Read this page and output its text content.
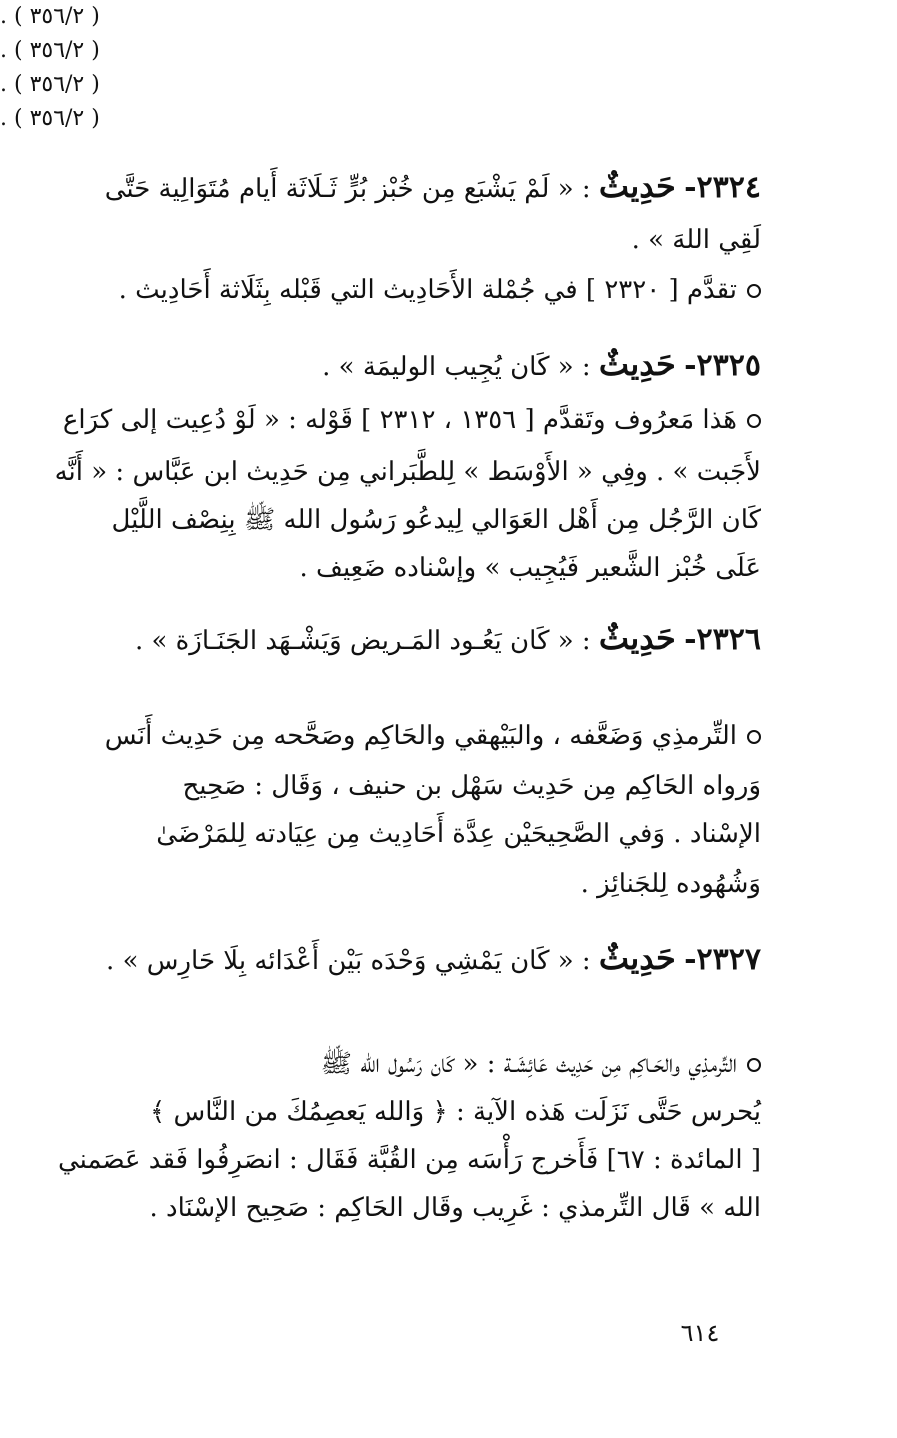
٢٣٢٤- حَدِيثٌ : « لَمْ يَشْبَع مِن خُبْز بُرٍّ ثَـلَاثَة أَيام مُتَوَالِية حَتَّى
لَقِي اللهَ » .
. ( ٣٥٦/٢ )
تقدَّم [ ٢٣٢٠ ] في جُمْلة الأَحَادِيث التي قَبْله بِثَلَاثة أَحَادِيث .
٢٣٢٥- حَدِيثٌ : « كَان يُجِيب الوليمَة » .
. ( ٣٥٦/٢ )
هَذا مَعرُوف وتَقدَّم [ ١٣٥٦ ، ٢٣١٢ ] قَوْله : « لَوْ دُعِيت إلى كرَاع
لأَجَبت » . وفِي « الأَوْسَط » لِلطَّبَراني مِن حَدِيث ابن عَبَّاس : « أَنَّه
كَان الرَّجُل مِن أَهْل العَوَالي لِيدعُو رَسُول الله ﷺ بِنِصْف اللَّيْل
عَلَى خُبْز الشَّعير فَيُجِيب » وإسْناده ضَعِيف .
٢٣٢٦- حَدِيثٌ : « كَان يَعُـود المَـريض وَيَشْـهَد الجَنَـازَة » .
. ( ٣٥٦/٢ )
التِّرمذِي وَضَعَّفه ، والبَيْهقي والحَاكِم وصَحَّحه مِن حَدِيث أَنَس
وَرواه الحَاكِم مِن حَدِيث سَهْل بن حنيف ، وَقَال : صَحِيح
الإسْناد . وَفي الصَّحِيحَيْن عِدَّة أَحَادِيث مِن عِيَادته لِلمَرْضَىٰ
وَشُهُوده لِلجَنائِز .
٢٣٢٧- حَدِيثٌ : « كَان يَمْشِي وَحْدَه بَيْن أَعْدَائه بِلَا حَارِس » .
. ( ٣٥٦/٢ )
التِّرمذِي والحَـاكِم مِن حَدِيث عَائِشَـة : « كَان رَسُول الله ﷺ
يُحرس حَتَّى نَزَلَت هَذه الآية : ﴿ وَالله يَعصِمُكَ من النَّاس ﴾
[ المائدة : ٦٧] فَأَخرج رَأْسَه مِن القُبَّة فَقَال : انصَرِفُوا فَقد عَصَمني
الله » قَال التِّرمذي : غَرِيب وقَال الحَاكِم : صَحِيح الإسْنَاد .
٦١٤
